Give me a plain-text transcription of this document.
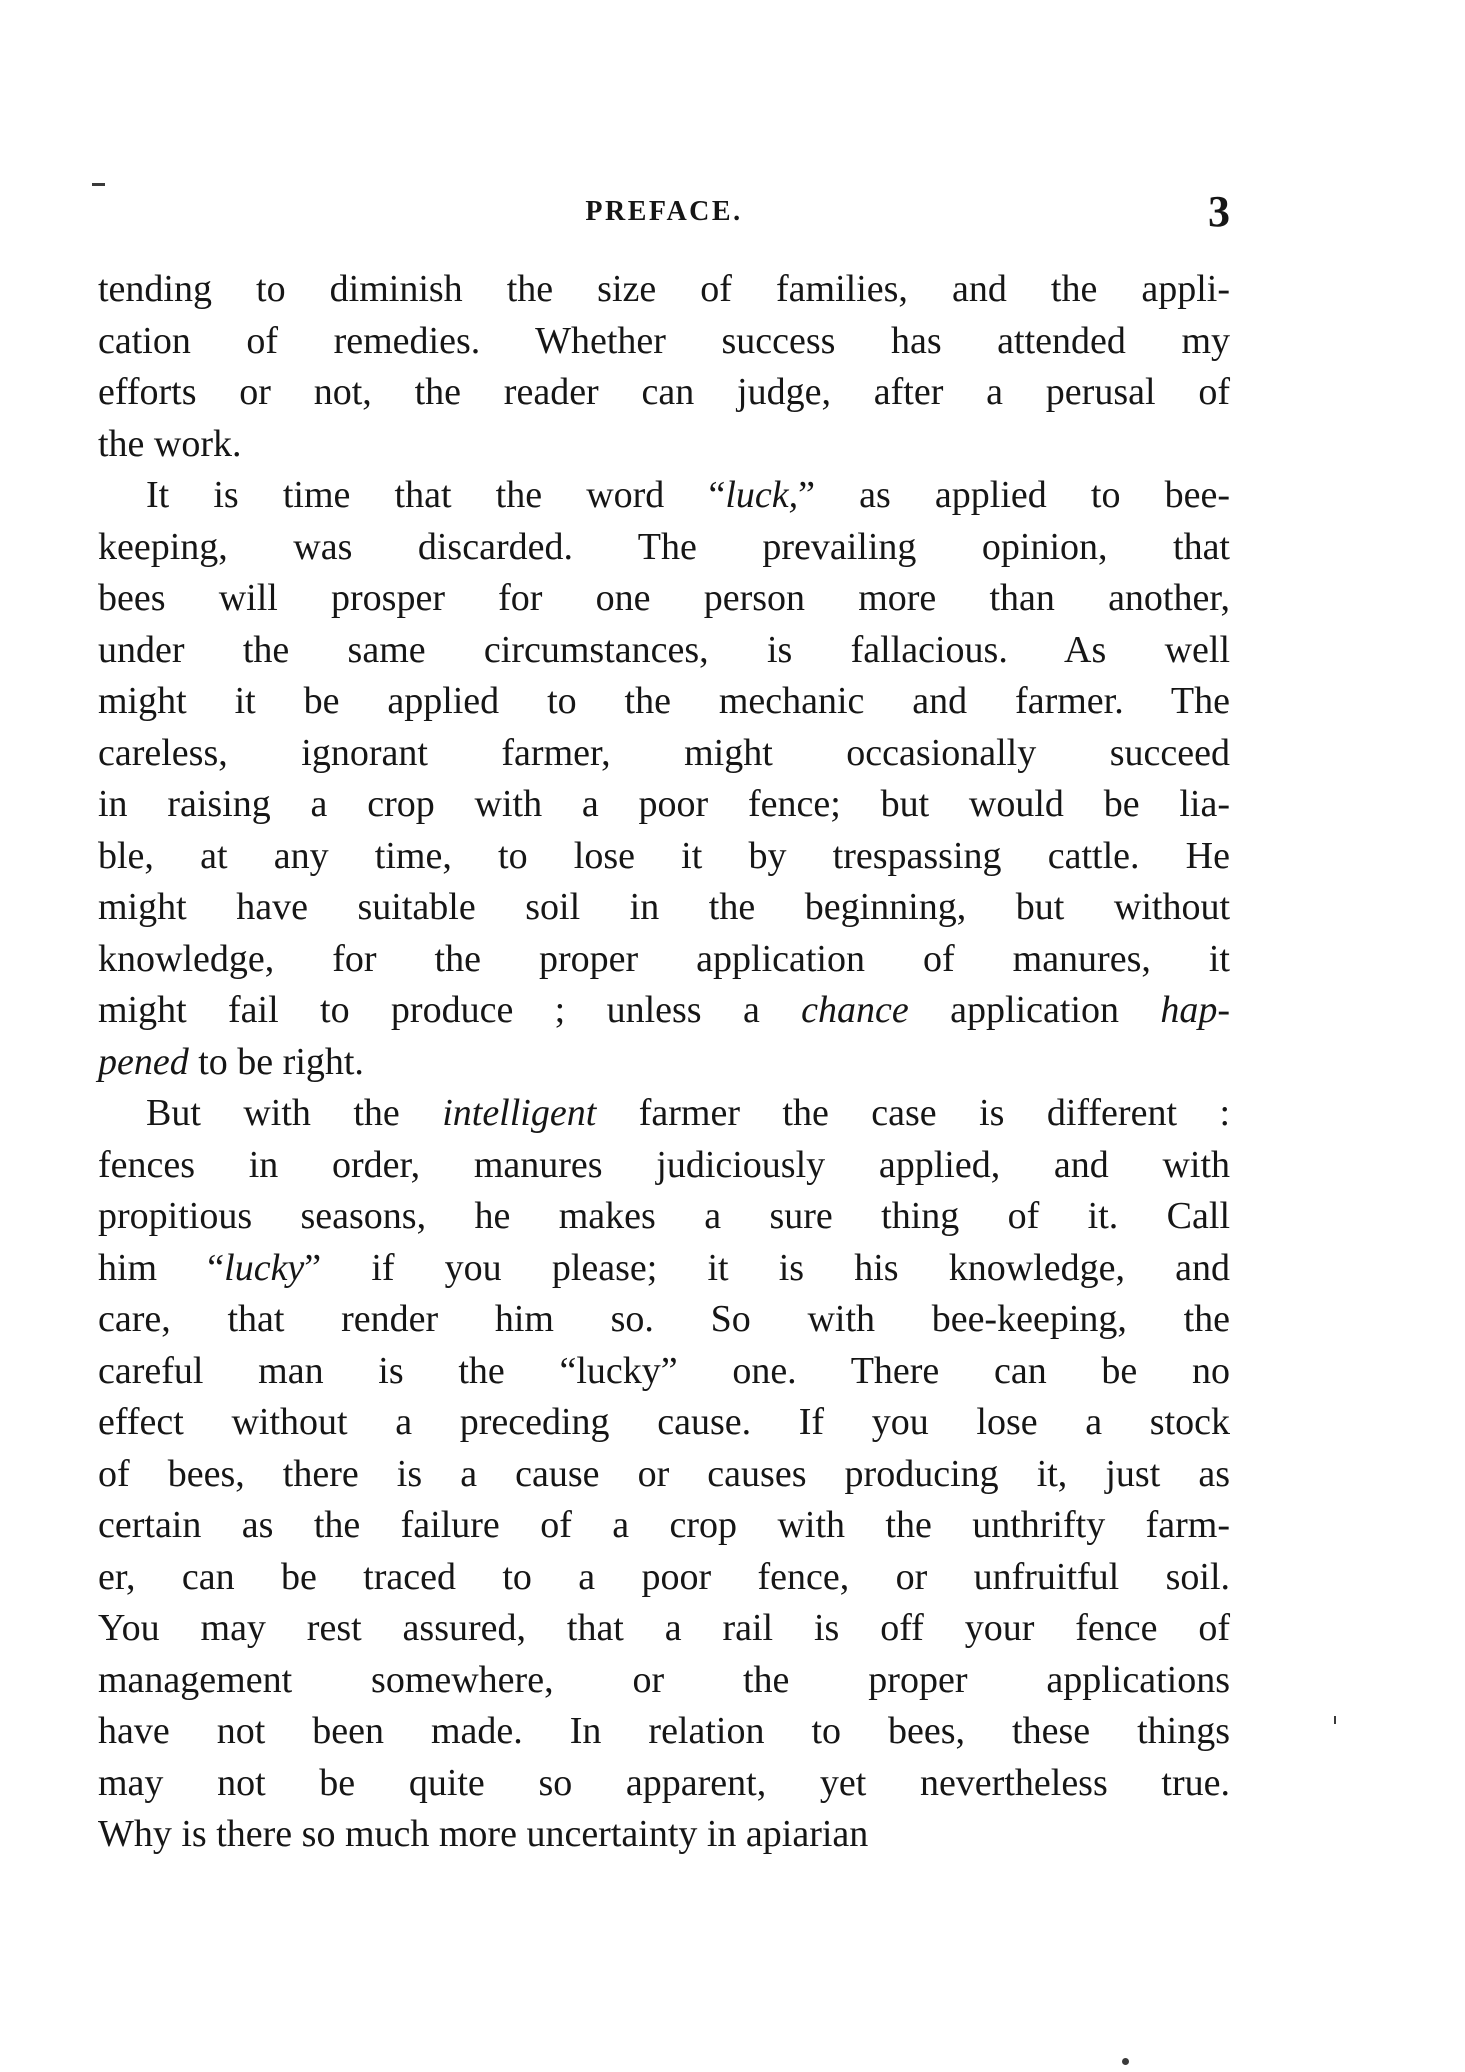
PREFACE.	3
tending to diminish the size of families, and the appli-
cation of remedies. Whether success has attended my
efforts or not, the reader can judge, after a perusal of
the work.
It is time that the word “luck,” as applied to bee-
keeping, was discarded. The prevailing opinion, that
bees will prosper for one person more than another,
under the same circumstances, is fallacious. As well
might it be applied to the mechanic and farmer. The
careless, ignorant farmer, might occasionally succeed
in raising a crop with a poor fence; but would be lia-
ble, at any time, to lose it by trespassing cattle. He
might have suitable soil in the beginning, but without
knowledge, for the proper application of manures, it
might fail to produce ; unless a chance application hap-
pened to be right.
But with the intelligent farmer the case is different :
fences in order, manures judiciously applied, and with
propitious seasons, he makes a sure thing of it. Call
him “lucky” if you please; it is his knowledge, and
care, that render him so. So with bee-keeping, the
careful man is the “lucky” one. There can be no
effect without a preceding cause. If you lose a stock
of bees, there is a cause or causes producing it, just as
certain as the failure of a crop with the unthrifty farm-
er, can be traced to a poor fence, or unfruitful soil.
You may rest assured, that a rail is off your fence of
management somewhere, or the proper applications
have not been made. In relation to bees, these things
may not be quite so apparent, yet nevertheless true.
Why is there so much more uncertainty in apiarian
